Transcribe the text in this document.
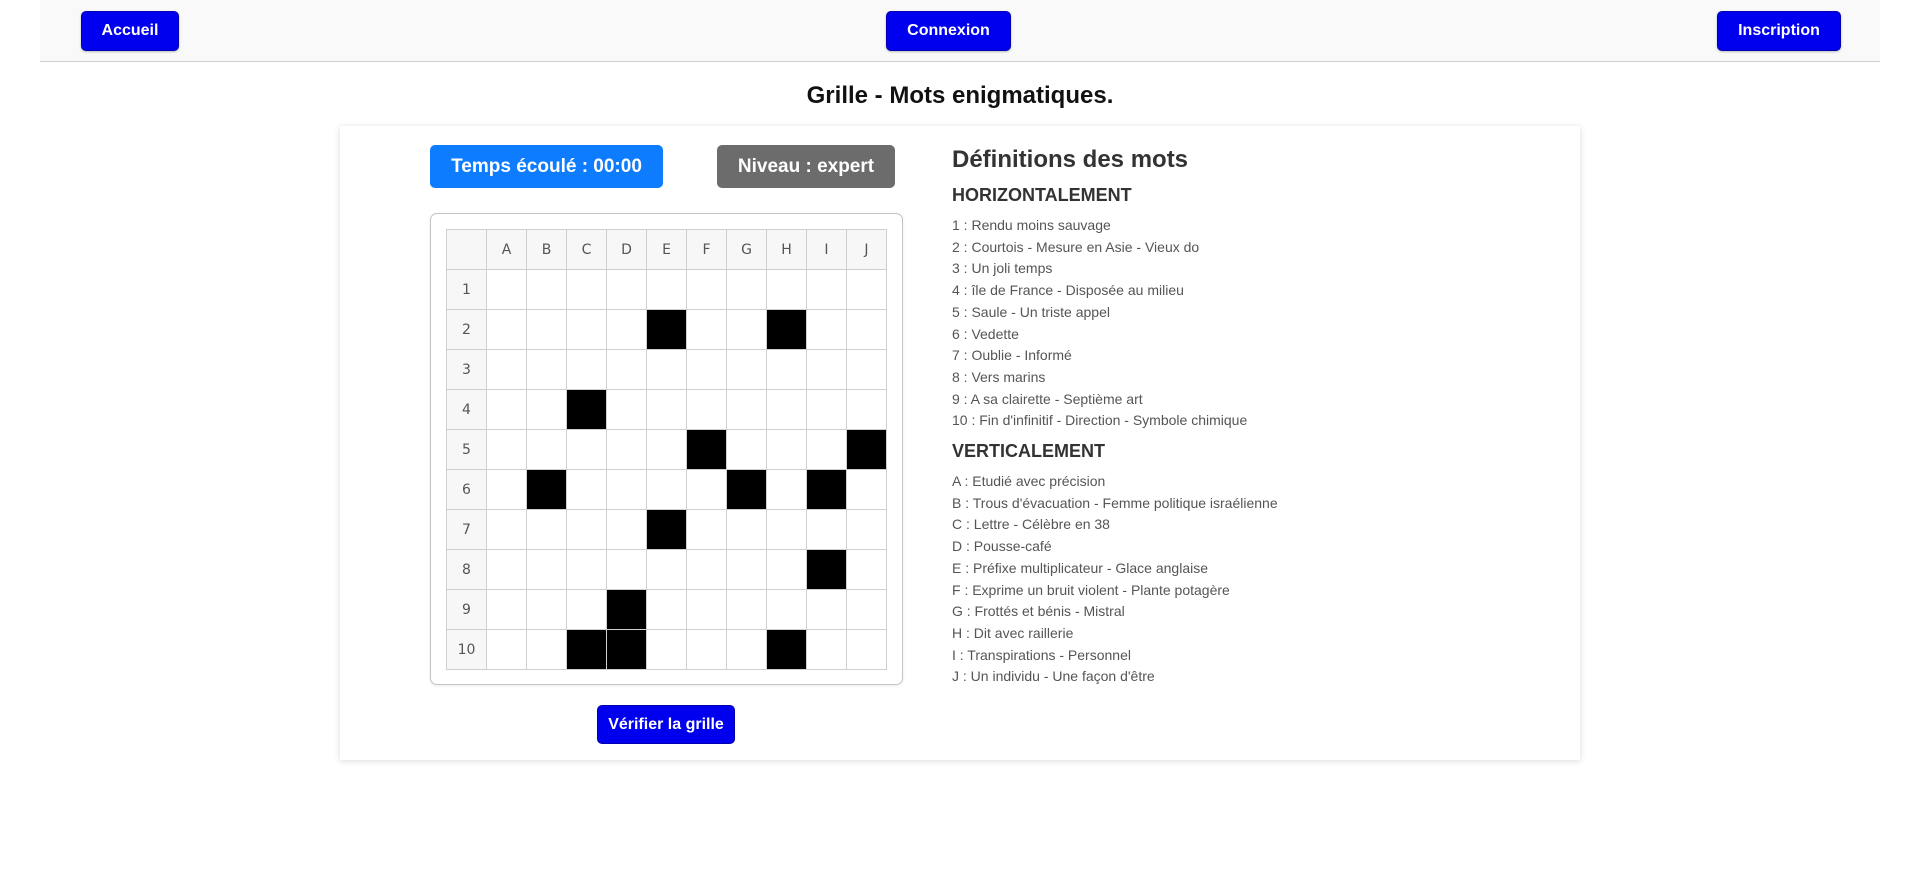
Accueil	Connexion	Inscription
Grille - Mots enigmatiques.
Temps écoulé : 00:00	Niveau : expert
A	B	C	D	E	F	G	H	I	J
1
2
3
4
5
6
7
8
9
10
Vérifier la grille
Définitions des mots
HORIZONTALEMENT
1 : Rendu moins sauvage
2 : Courtois - Mesure en Asie - Vieux do
3 : Un joli temps
4 : île de France - Disposée au milieu
5 : Saule - Un triste appel
6 : Vedette
7 : Oublie - Informé
8 : Vers marins
9 : A sa clairette - Septième art
10 : Fin d'infinitif - Direction - Symbole chimique
VERTICALEMENT
A : Etudié avec précision
B : Trous d'évacuation - Femme politique israélienne
C : Lettre - Célèbre en 38
D : Pousse-café
E : Préfixe multiplicateur - Glace anglaise
F : Exprime un bruit violent - Plante potagère
G : Frottés et bénis - Mistral
H : Dit avec raillerie
I : Transpirations - Personnel
J : Un individu - Une façon d'être
